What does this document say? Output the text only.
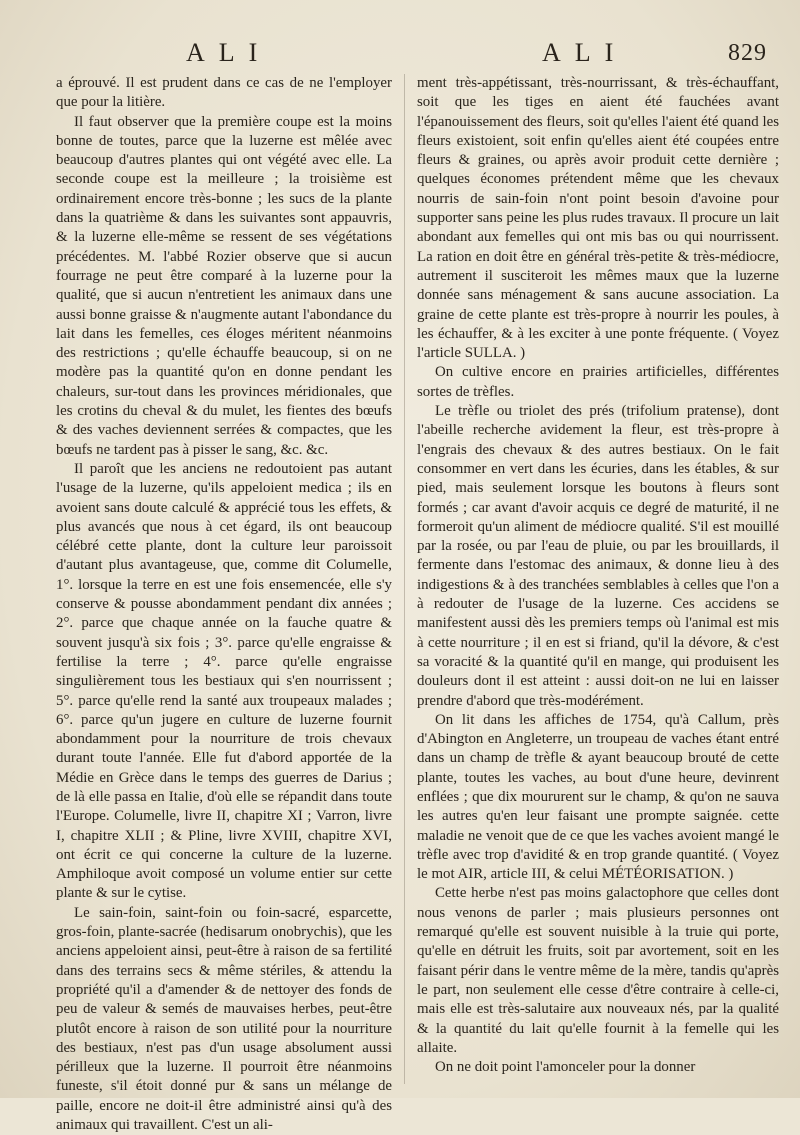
ALI	ALI	829

a éprouvé. Il est prudent dans ce cas de ne l'employer que pour la litière.

Il faut observer que la première coupe est la moins bonne de toutes, parce que la luzerne est mêlée avec beaucoup d'autres plantes qui ont végété avec elle. La seconde coupe est la meilleure ; la troisième est ordinairement encore très-bonne ; les sucs de la plante dans la quatrième & dans les suivantes sont appauvris, & la luzerne elle-même se ressent de ses végétations précédentes. M. l'abbé Rozier observe que si aucun fourrage ne peut être comparé à la luzerne pour la qualité, que si aucun n'entretient les animaux dans une aussi bonne graisse & n'augmente autant l'abondance du lait dans les femelles, ces éloges méritent néanmoins des restrictions ; qu'elle échauffe beaucoup, si on ne modère pas la quantité qu'on en donne pendant les chaleurs, sur-tout dans les provinces méridionales, que les crotins du cheval & du mulet, les fientes des bœufs & des vaches deviennent serrées & compactes, que les bœufs ne tardent pas à pisser le sang, &c. &c.

Il paroît que les anciens ne redoutoient pas autant l'usage de la luzerne, qu'ils appeloient medica ; ils en avoient sans doute calculé & apprécié tous les effets, & plus avancés que nous à cet égard, ils ont beaucoup célébré cette plante, dont la culture leur paroissoit d'autant plus avantageuse, que, comme dit Columelle, 1°. lorsque la terre en est une fois ensemencée, elle s'y conserve & pousse abondamment pendant dix années ; 2°. parce que chaque année on la fauche quatre & souvent jusqu'à six fois ; 3°. parce qu'elle engraisse & fertilise la terre ; 4°. parce qu'elle engraisse singulièrement tous les bestiaux qui s'en nourrissent ; 5°. parce qu'elle rend la santé aux troupeaux malades ; 6°. parce qu'un jugere en culture de luzerne fournit abondamment pour la nourriture de trois chevaux durant toute l'année. Elle fut d'abord apportée de la Médie en Grèce dans le temps des guerres de Darius ; de là elle passa en Italie, d'où elle se répandit dans toute l'Europe. Columelle, livre II, chapitre XI ; Varron, livre I, chapitre XLII ; & Pline, livre XVIII, chapitre XVI, ont écrit ce qui concerne la culture de la luzerne. Amphiloque avoit composé un volume entier sur cette plante & sur le cytise.

Le sain-foin, saint-foin ou foin-sacré, esparcette, gros-foin, plante-sacrée (hedisarum onobrychis), que les anciens appeloient ainsi, peut-être à raison de sa fertilité dans des terrains secs & même stériles, & attendu la propriété qu'il a d'amender & de nettoyer des fonds de peu de valeur & semés de mauvaises herbes, peut-être plutôt encore à raison de son utilité pour la nourriture des bestiaux, n'est pas d'un usage absolument aussi périlleux que la luzerne. Il pourroit être néanmoins funeste, s'il étoit donné pur & sans un mélange de paille, encore ne doit-il être administré ainsi qu'à des animaux qui travaillent. C'est un ali-

ment très-appétissant, très-nourrissant, & très-échauffant, soit que les tiges en aient été fauchées avant l'épanouissement des fleurs, soit qu'elles l'aient été quand les fleurs existoient, soit enfin qu'elles aient été coupées entre fleurs & graines, ou après avoir produit cette dernière ; quelques économes prétendent même que les chevaux nourris de sain-foin n'ont point besoin d'avoine pour supporter sans peine les plus rudes travaux. Il procure un lait abondant aux femelles qui ont mis bas ou qui nourrissent. La ration en doit être en général très-petite & très-médiocre, autrement il susciteroit les mêmes maux que la luzerne donnée sans ménagement & sans aucune association. La graine de cette plante est très-propre à nourrir les poules, à les échauffer, & à les exciter à une ponte fréquente. ( Voyez l'article SULLA. )

On cultive encore en prairies artificielles, différentes sortes de trèfles.

Le trèfle ou triolet des prés (trifolium pratense), dont l'abeille recherche avidement la fleur, est très-propre à l'engrais des chevaux & des autres bestiaux. On le fait consommer en vert dans les écuries, dans les étables, & sur pied, mais seulement lorsque les boutons à fleurs sont formés ; car avant d'avoir acquis ce degré de maturité, il ne formeroit qu'un aliment de médiocre qualité. S'il est mouillé par la rosée, ou par l'eau de pluie, ou par les brouillards, il fermente dans l'estomac des animaux, & donne lieu à des indigestions & à des tranchées semblables à celles que l'on a à redouter de l'usage de la luzerne. Ces accidens se manifestent aussi dès les premiers temps où l'animal est mis à cette nourriture ; il en est si friand, qu'il la dévore, & c'est sa voracité & la quantité qu'il en mange, qui produisent les douleurs dont il est atteint : aussi doit-on ne lui en laisser prendre d'abord que très-modérément.

On lit dans les affiches de 1754, qu'à Callum, près d'Abington en Angleterre, un troupeau de vaches étant entré dans un champ de trèfle & ayant beaucoup brouté de cette plante, toutes les vaches, au bout d'une heure, devinrent enflées ; que dix moururent sur le champ, & qu'on ne sauva les autres qu'en leur faisant une prompte saignée. cette maladie ne venoit que de ce que les vaches avoient mangé le trèfle avec trop d'avidité & en trop grande quantité. ( Voyez le mot AIR, article III, & celui MÉTÉORISATION. )

Cette herbe n'est pas moins galactophore que celles dont nous venons de parler ; mais plusieurs personnes ont remarqué qu'elle est souvent nuisible à la truie qui porte, qu'elle en détruit les fruits, soit par avortement, soit en les faisant périr dans le ventre même de la mère, tandis qu'après le part, non seulement elle cesse d'être contraire à celle-ci, mais elle est très-salutaire aux nouveaux nés, par la qualité & la quantité du lait qu'elle fournit à la femelle qui les allaite.

On ne doit point l'amonceler pour la donner
